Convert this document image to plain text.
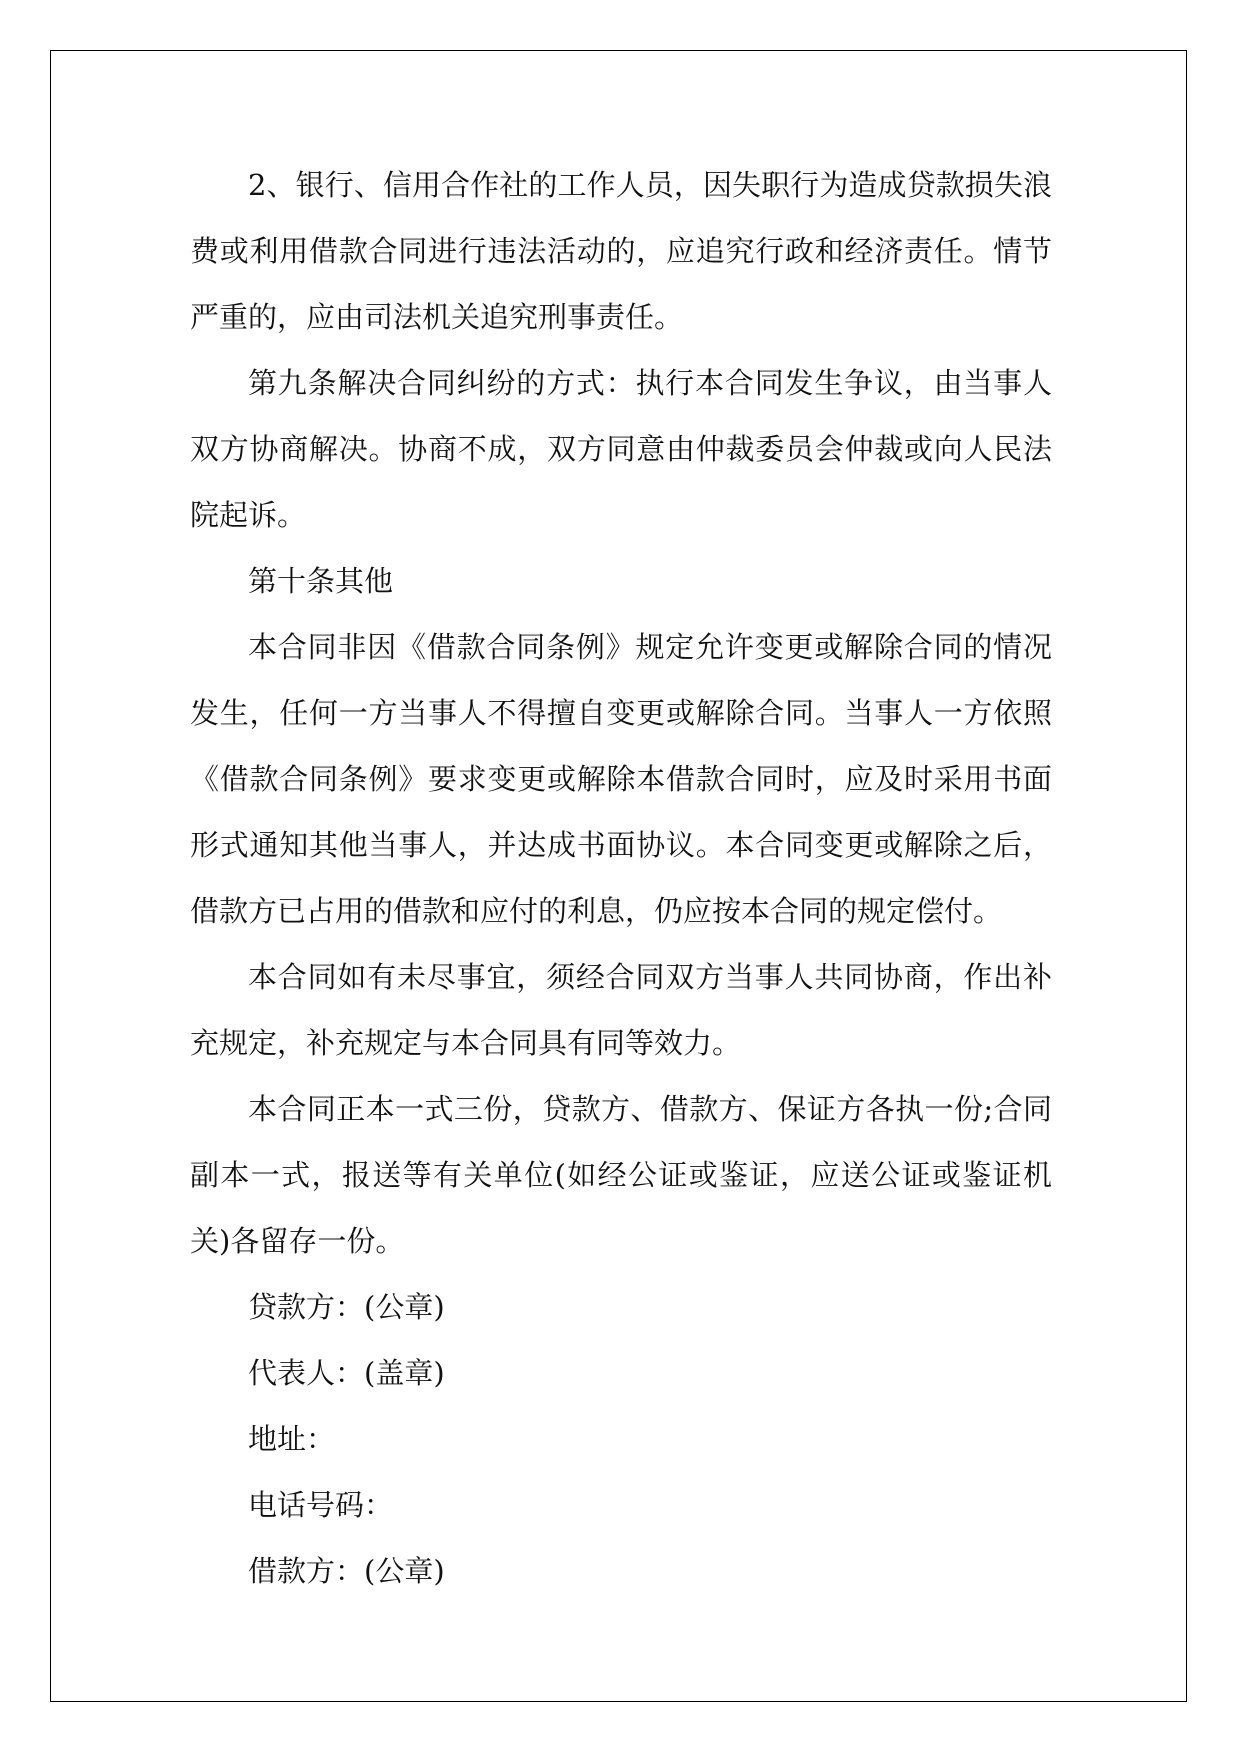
2、银行、信用合作社的工作人员，因失职行为造成贷款损失浪费或利用借款合同进行违法活动的，应追究行政和经济责任。情节严重的，应由司法机关追究刑事责任。

第九条解决合同纠纷的方式：执行本合同发生争议，由当事人双方协商解决。协商不成，双方同意由仲裁委员会仲裁或向人民法院起诉。

第十条其他

本合同非因《借款合同条例》规定允许变更或解除合同的情况发生，任何一方当事人不得擅自变更或解除合同。当事人一方依照《借款合同条例》要求变更或解除本借款合同时，应及时采用书面形式通知其他当事人，并达成书面协议。本合同变更或解除之后，借款方已占用的借款和应付的利息，仍应按本合同的规定偿付。

本合同如有未尽事宜，须经合同双方当事人共同协商，作出补充规定，补充规定与本合同具有同等效力。

本合同正本一式三份，贷款方、借款方、保证方各执一份;合同副本一式，报送等有关单位(如经公证或鉴证，应送公证或鉴证机关)各留存一份。

贷款方：(公章)

代表人：(盖章)

地址：

电话号码：

借款方：(公章)
